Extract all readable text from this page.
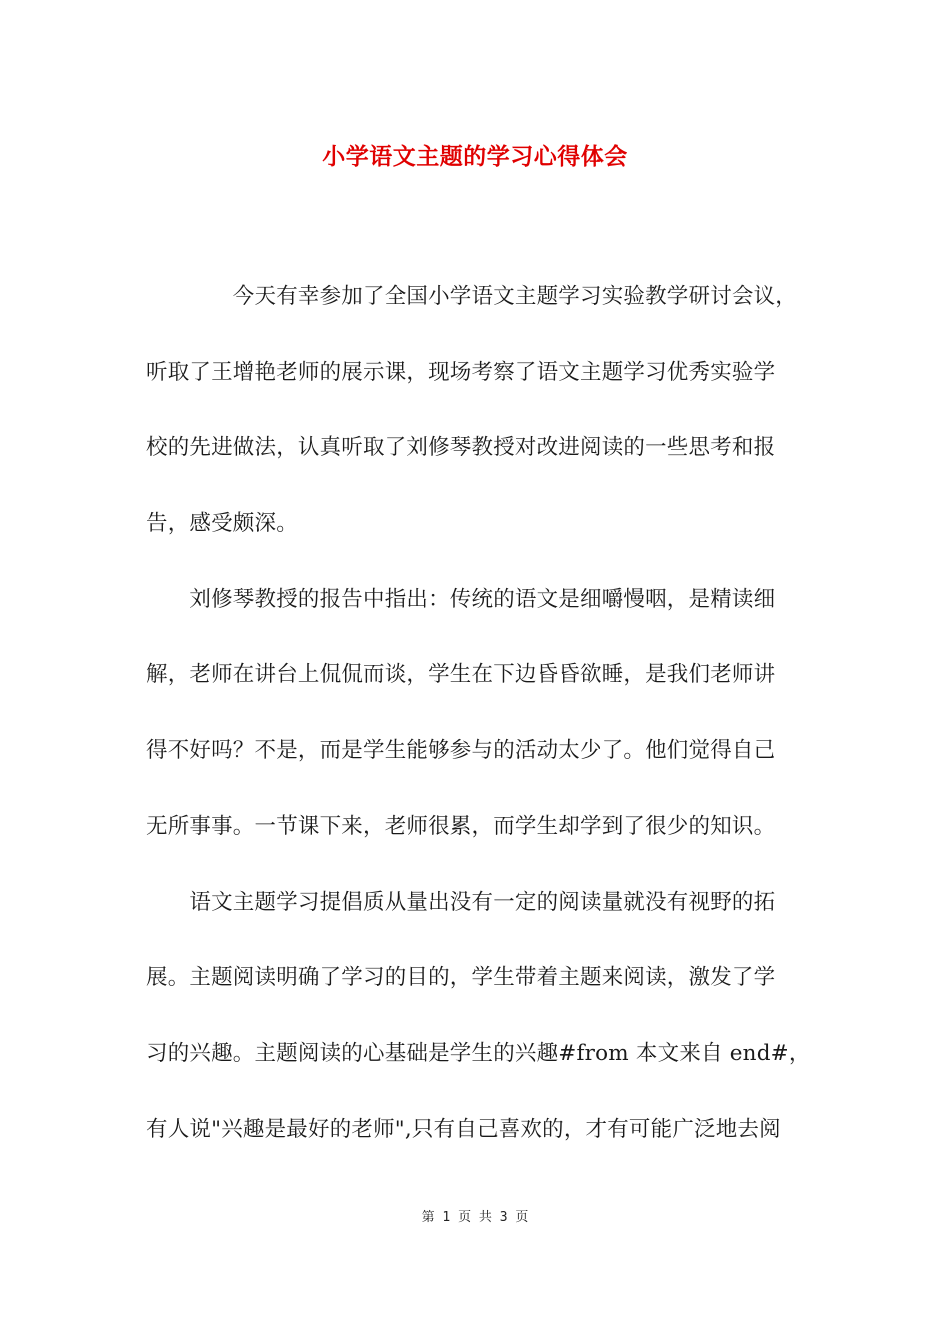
小学语文主题的学习心得体会
　　　　今天有幸参加了全国小学语文主题学习实验教学研讨会议，
听取了王增艳老师的展示课，现场考察了语文主题学习优秀实验学
校的先进做法，认真听取了刘修琴教授对改进阅读的一些思考和报
告，感受颇深。
　　刘修琴教授的报告中指出：传统的语文是细嚼慢咽，是精读细
解，老师在讲台上侃侃而谈，学生在下边昏昏欲睡，是我们老师讲
得不好吗？不是，而是学生能够参与的活动太少了。他们觉得自己
无所事事。一节课下来，老师很累，而学生却学到了很少的知识。
　　语文主题学习提倡质从量出没有一定的阅读量就没有视野的拓
展。主题阅读明确了学习的目的，学生带着主题来阅读，激发了学
习的兴趣。主题阅读的心基础是学生的兴趣#from 本文来自 end#，
有人说"兴趣是最好的老师",只有自己喜欢的，才有可能广泛地去阅
第 1 页 共 3 页
